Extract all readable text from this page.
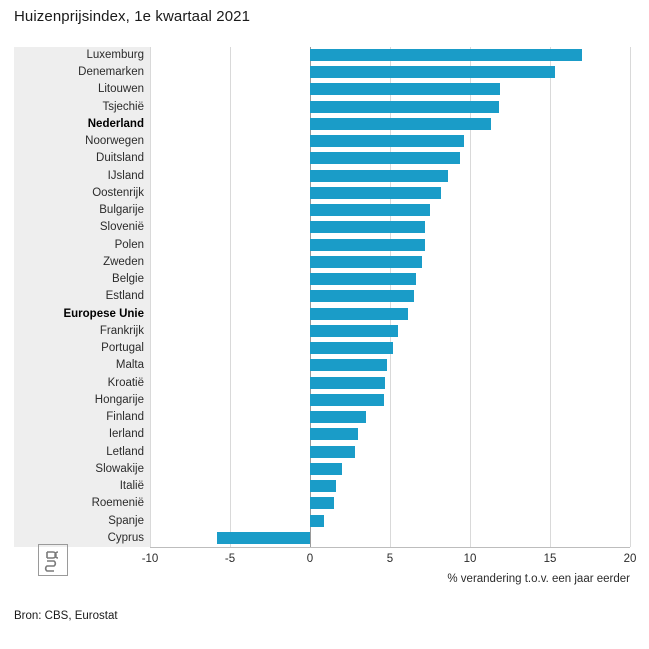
Huizenprijsindex, 1e kwartaal 2021
Luxemburg
Denemarken
Litouwen
Tsjechië
Nederland
Noorwegen
Duitsland
IJsland
Oostenrijk
Bulgarije
Slovenië
Polen
Zweden
Belgie
Estland
Europese Unie
Frankrijk
Portugal
Malta
Kroatië
Hongarije
Finland
Ierland
Letland
Slowakije
Italië
Roemenië
Spanje
Cyprus
% verandering t.o.v. een jaar eerder
Bron: CBS, Eurostat
-10	-5	0	5	10	15	20
